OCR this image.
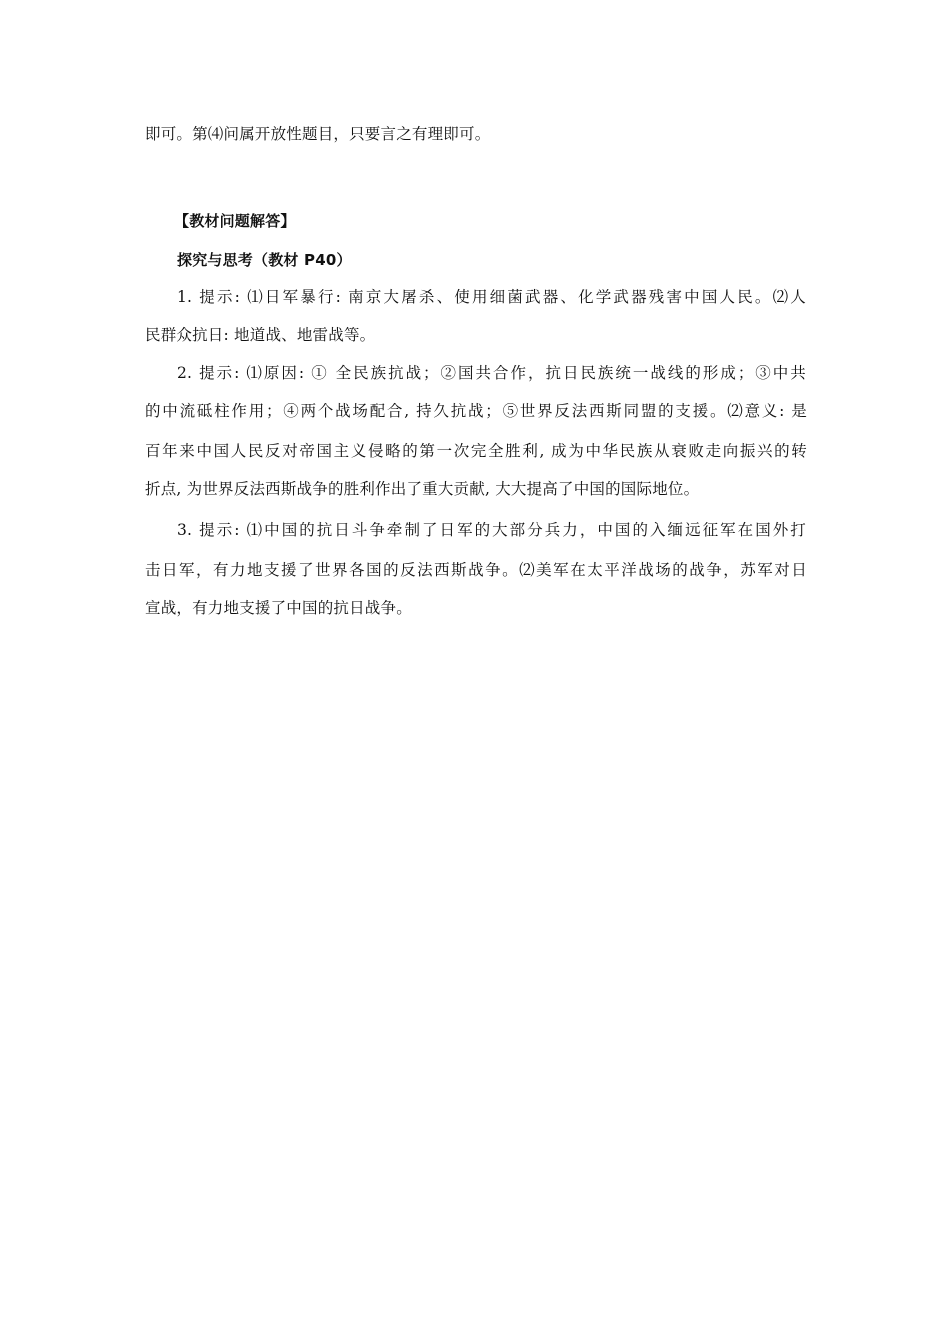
即可。第⑷问属开放性题目，只要言之有理即可。
【教材问题解答】
探究与思考（教材 P40）
1. 提示: ⑴日军暴行: 南京大屠杀、使用细菌武器、化学武器残害中国人民。⑵人
民群众抗日: 地道战、地雷战等。
2. 提示: ⑴原因: ① 全民族抗战；②国共合作，抗日民族统一战线的形成；③中共
的中流砥柱作用；④两个战场配合, 持久抗战；⑤世界反法西斯同盟的支援。⑵意义: 是
百年来中国人民反对帝国主义侵略的第一次完全胜利, 成为中华民族从衰败走向振兴的转
折点, 为世界反法西斯战争的胜利作出了重大贡献, 大大提高了中国的国际地位。
3. 提示: ⑴中国的抗日斗争牵制了日军的大部分兵力，中国的入缅远征军在国外打
击日军，有力地支援了世界各国的反法西斯战争。⑵美军在太平洋战场的战争，苏军对日
宣战，有力地支援了中国的抗日战争。
